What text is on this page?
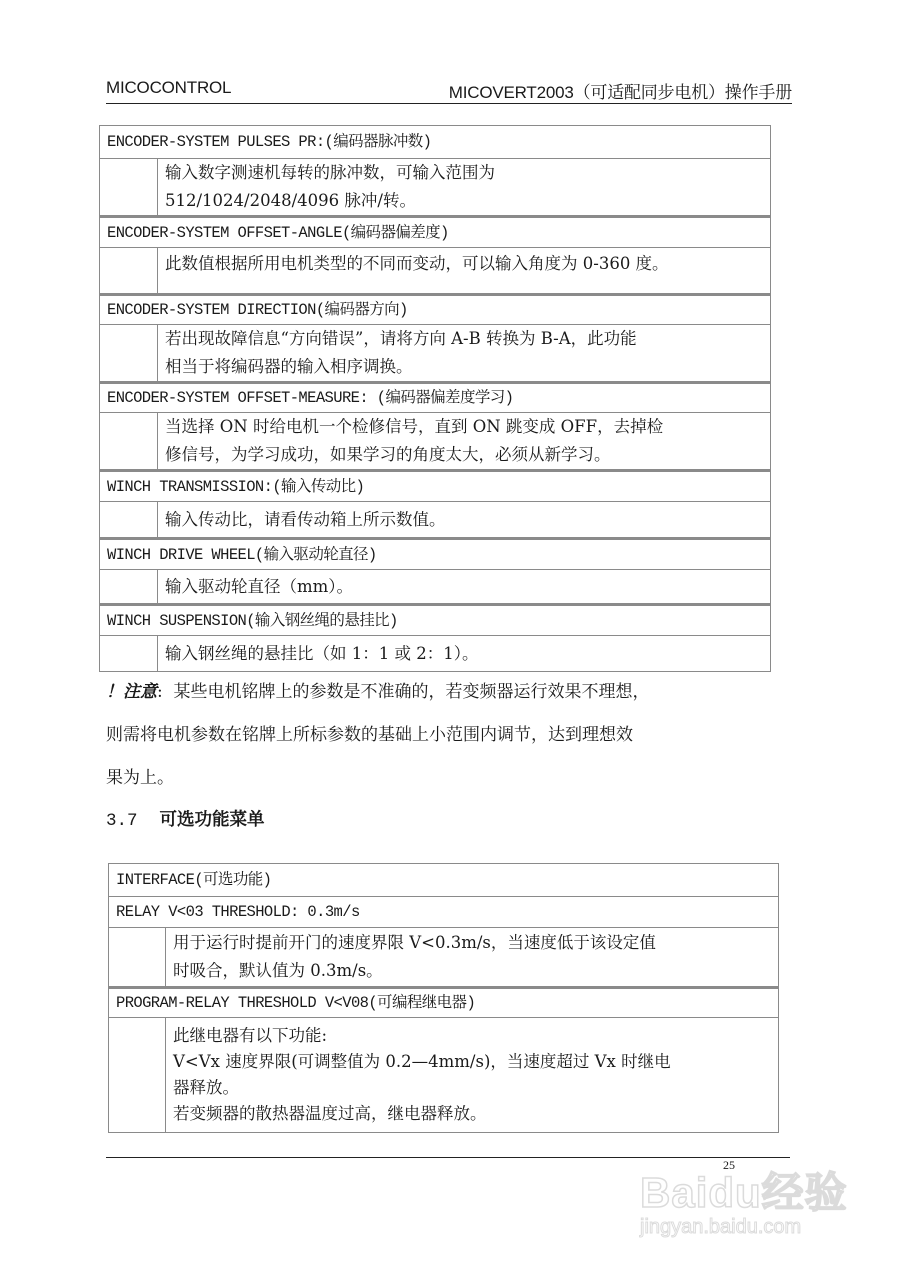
MICOCONTROL	MICOVERT2003（可适配同步电机）操作手册
ENCODER-SYSTEM PULSES PR:(编码器脉冲数)	

	输入数字测速机每转的脉冲数，可输入范围为
512/1024/2048/4096 脉冲/转。

ENCODER-SYSTEM OFFSET-ANGLE(编码器偏差度)	

	此数值根据所用电机类型的不同而变动，可以输入角度为 0-360 度。

ENCODER-SYSTEM DIRECTION(编码器方向)	

	若出现故障信息“方向错误”，请将方向 A-B 转换为 B-A，此功能
相当于将编码器的输入相序调换。

ENCODER-SYSTEM OFFSET-MEASURE: (编码器偏差度学习)	

	当选择 ON 时给电机一个检修信号，直到 ON 跳变成 OFF，去掉检
修信号，为学习成功，如果学习的角度太大，必须从新学习。

WINCH TRANSMISSION:(输入传动比)	
	输入传动比，请看传动箱上所示数值。
WINCH DRIVE WHEEL(输入驱动轮直径)	
	输入驱动轮直径（mm）。
WINCH SUSPENSION(输入钢丝绳的悬挂比)	
	输入钢丝绳的悬挂比（如 1：1 或 2：1）。
！注意: 某些电机铭牌上的参数是不准确的，若变频器运行效果不理想，
则需将电机参数在铭牌上所标参数的基础上小范围内调节，达到理想效
果为上。
3.7 可选功能菜单
INTERFACE(可选功能)	
RELAY V<03 THRESHOLD: 0.3m/s	

	用于运行时提前开门的速度界限 V<0.3m/s，当速度低于该设定值
时吸合，默认值为 0.3m/s。

PROGRAM-RELAY THRESHOLD V<V08(可编程继电器)	

	此继电器有以下功能:
V<Vx 速度界限(可调整值为 0.2—4mm/s)，当速度超过 Vx 时继电
器释放。
若变频器的散热器温度过高，继电器释放。
25
Baidu经验
jingyan.baidu.com
